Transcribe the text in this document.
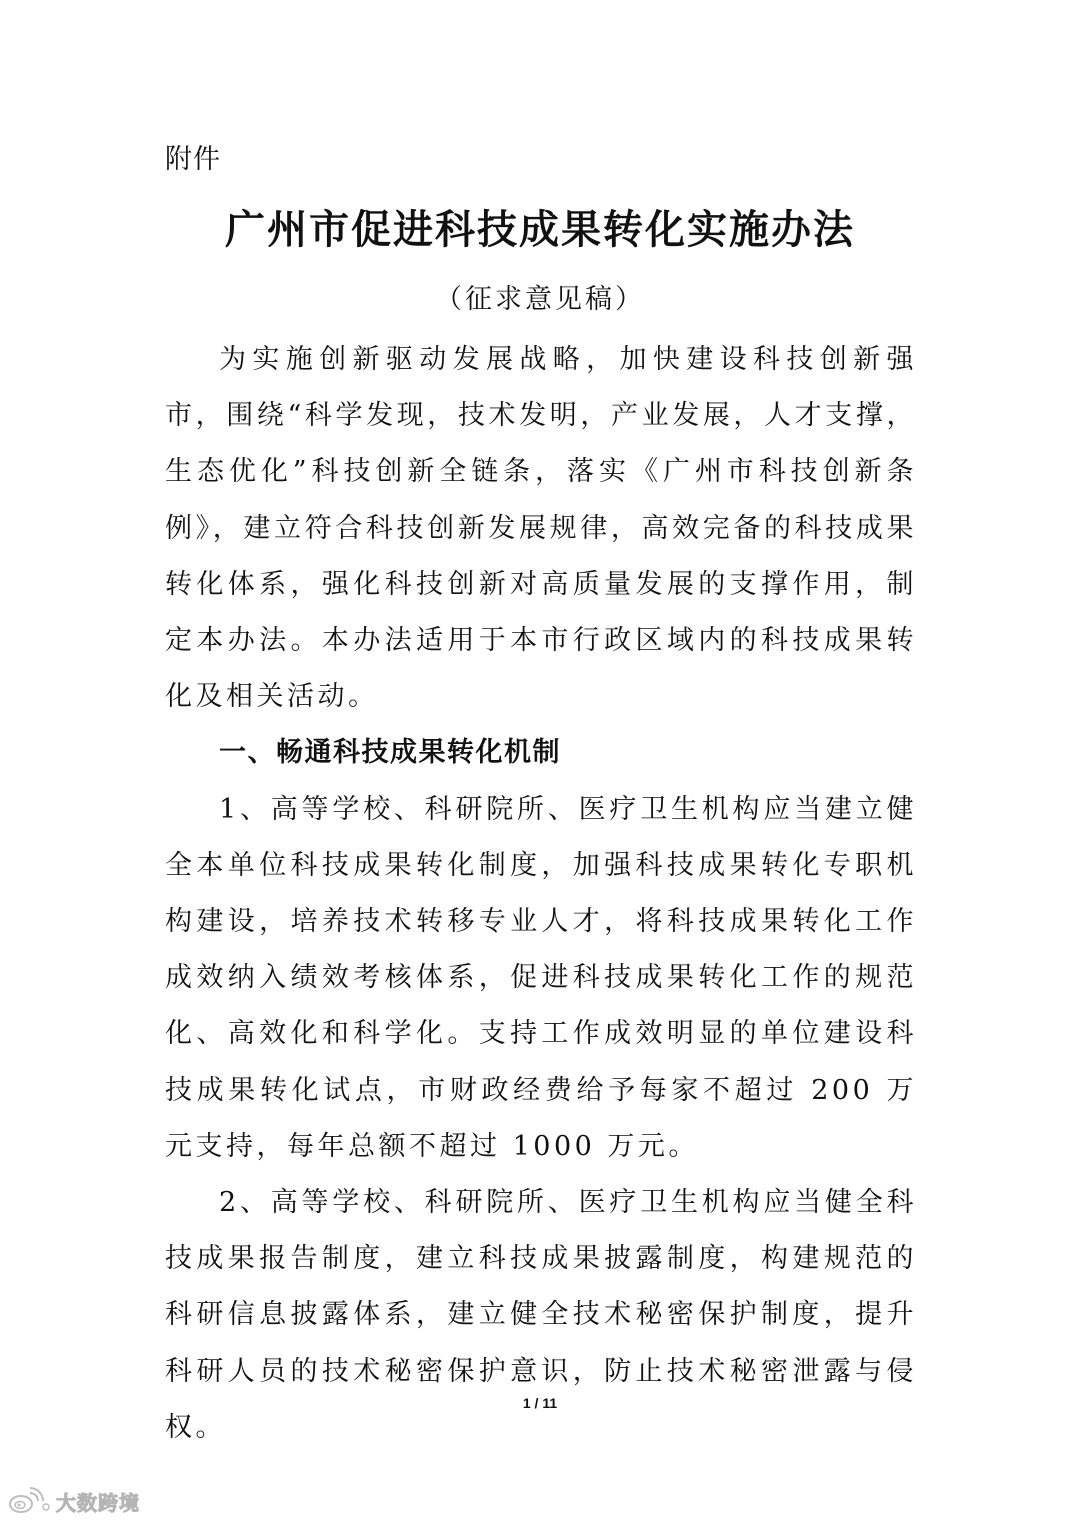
附件
广州市促进科技成果转化实施办法
（征求意见稿）

为实施创新驱动发展战略，加快建设科技创新强市，围绕“科学发现，技术发明，产业发展，人才支撑，生态优化”科技创新全链条，落实《广州市科技创新条例》，建立符合科技创新发展规律，高效完备的科技成果转化体系，强化科技创新对高质量发展的支撑作用，制定本办法。本办法适用于本市行政区域内的科技成果转化及相关活动。

一、畅通科技成果转化机制

1、高等学校、科研院所、医疗卫生机构应当建立健全本单位科技成果转化制度，加强科技成果转化专职机构建设，培养技术转移专业人才，将科技成果转化工作成效纳入绩效考核体系，促进科技成果转化工作的规范化、高效化和科学化。支持工作成效明显的单位建设科技成果转化试点，市财政经费给予每家不超过 200 万元支持，每年总额不超过 1000 万元。

2、高等学校、科研院所、医疗卫生机构应当健全科技成果报告制度，建立科技成果披露制度，构建规范的科研信息披露体系，建立健全技术秘密保护制度，提升科研人员的技术秘密保护意识，防止技术秘密泄露与侵权。

1 / 11
大数跨境
